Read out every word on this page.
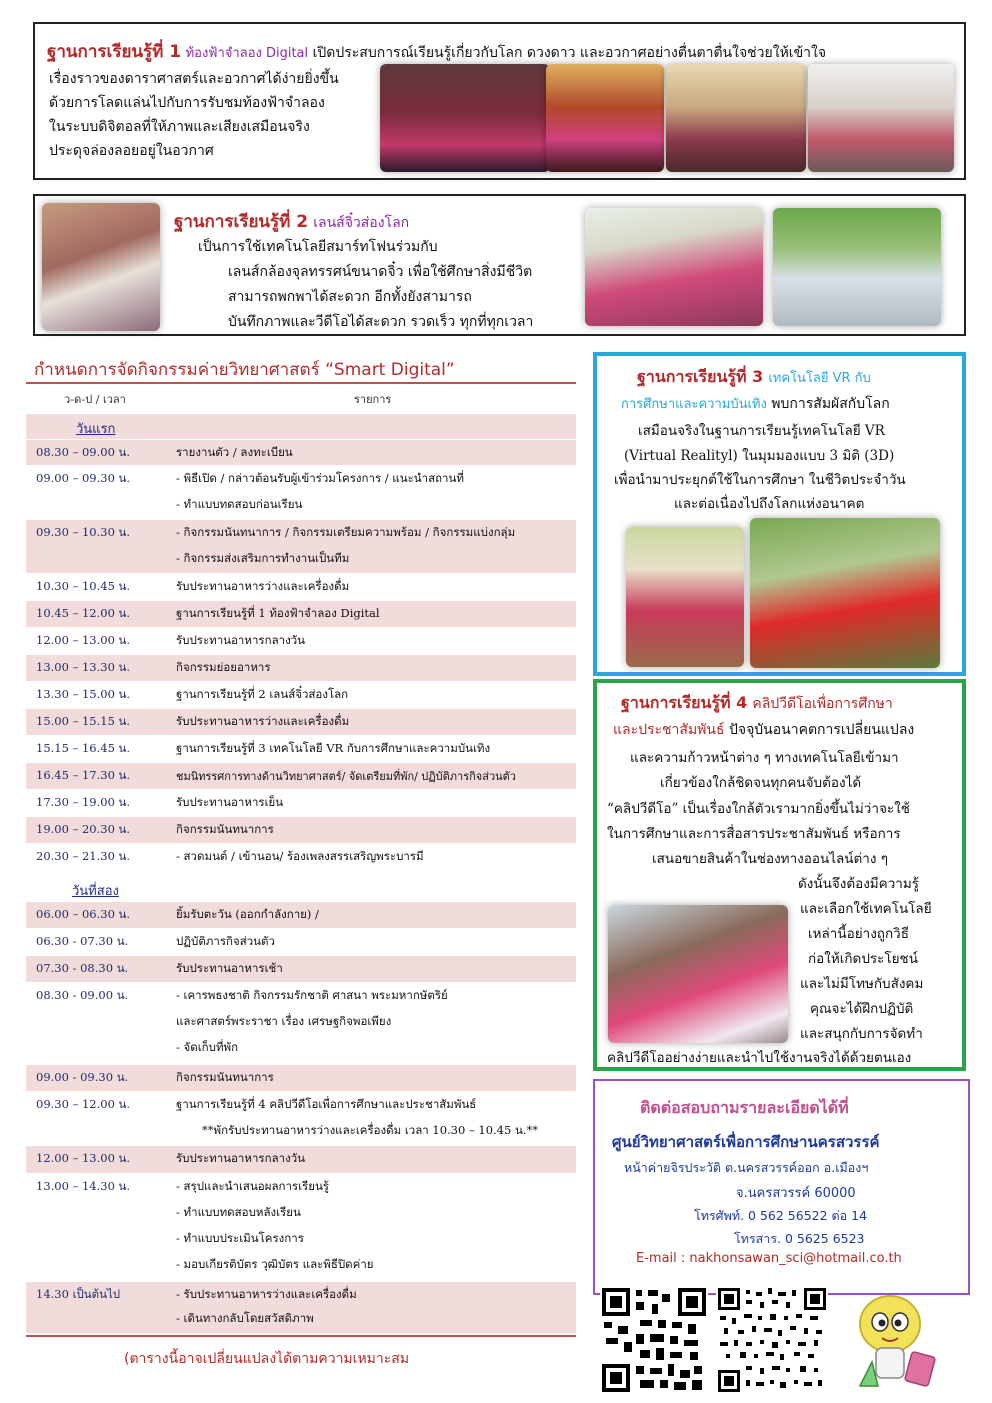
ฐานการเรียนรู้ที่ 1 ท้องฟ้าจำลอง Digital เปิดประสบการณ์เรียนรู้เกี่ยวกับโลก ดวงดาว และอวกาศอย่างตื่นตาตื่นใจช่วยให้เข้าใจ
เรื่องราวของดาราศาสตร์และอวกาศได้ง่ายยิ่งขึ้น
ด้วยการโลดแล่นไปกับการรับชมท้องฟ้าจำลอง
ในระบบดิจิตอลที่ให้ภาพและเสียงเสมือนจริง
ประดุจล่องลอยอยู่ในอวกาศ
ฐานการเรียนรู้ที่ 2 เลนส์จิ๋วส่องโลก
เป็นการใช้เทคโนโลยีสมาร์ทโฟนร่วมกับ
เลนส์กล้องจุลทรรศน์ขนาดจิ๋ว เพื่อใช้ศึกษาสิ่งมีชีวิต
สามารถพกพาได้สะดวก อีกทั้งยังสามารถ
บันทึกภาพและวีดีโอได้สะดวก รวดเร็ว ทุกที่ทุกเวลา
กำหนดการจัดกิจกรรมค่ายวิทยาศาสตร์ “Smart Digital”
ว-ด-ป / เวลา	รายการ
วันแรก
08.30 – 09.00 น.	รายงานตัว / ลงทะเบียน
09.00 – 09.30 น.	- พิธีเปิด / กล่าวต้อนรับผู้เข้าร่วมโครงการ / แนะนำสถานที่
- ทำแบบทดสอบก่อนเรียน
09.30 – 10.30 น.	- กิจกรรมนันทนาการ / กิจกรรมเตรียมความพร้อม / กิจกรรมแบ่งกลุ่ม
- กิจกรรมส่งเสริมการทำงานเป็นทีม
10.30 – 10.45 น.	รับประทานอาหารว่างและเครื่องดื่ม
10.45 – 12.00 น.	ฐานการเรียนรู้ที่ 1 ท้องฟ้าจำลอง Digital
12.00 – 13.00 น.	รับประทานอาหารกลางวัน
13.00 – 13.30 น.	กิจกรรมย่อยอาหาร
13.30 – 15.00 น.	ฐานการเรียนรู้ที่ 2 เลนส์จิ๋วส่องโลก
15.00 – 15.15 น.	รับประทานอาหารว่างและเครื่องดื่ม
15.15 – 16.45 น.	ฐานการเรียนรู้ที่ 3 เทคโนโลยี VR กับการศึกษาและความบันเทิง
16.45 – 17.30 น.	ชมนิทรรศการทางด้านวิทยาศาสตร์/ จัดเตรียมที่พัก/ ปฏิบัติภารกิจส่วนตัว
17.30 – 19.00 น.	รับประทานอาหารเย็น
19.00 – 20.30 น.	กิจกรรมนันทนาการ
20.30 – 21.30 น.	- สวดมนต์ / เข้านอน/ ร้องเพลงสรรเสริญพระบารมี
วันที่สอง
06.00 – 06.30 น.	ยิ้มรับตะวัน (ออกกำลังกาย) /
06.30 - 07.30 น.	ปฏิบัติภารกิจส่วนตัว
07.30 - 08.30 น.	รับประทานอาหารเช้า
08.30 - 09.00 น.	- เคารพธงชาติ กิจกรรมรักชาติ ศาสนา พระมหากษัตริย์
และศาสตร์พระราชา เรื่อง เศรษฐกิจพอเพียง
- จัดเก็บที่พัก
09.00 - 09.30 น.	กิจกรรมนันทนาการ
09.30 – 12.00 น.	ฐานการเรียนรู้ที่ 4 คลิปวีดีโอเพื่อการศึกษาและประชาสัมพันธ์
**พักรับประทานอาหารว่างและเครื่องดื่ม เวลา 10.30 – 10.45 น.**
12.00 – 13.00 น.	รับประทานอาหารกลางวัน
13.00 – 14.30 น.	- สรุปและนำเสนอผลการเรียนรู้
- ทำแบบทดสอบหลังเรียน
- ทำแบบประเมินโครงการ
- มอบเกียรติบัตร วุฒิบัตร และพิธีปิดค่าย
14.30 เป็นต้นไป	- รับประทานอาหารว่างและเครื่องดื่ม
- เดินทางกลับโดยสวัสดิภาพ
(ตารางนี้อาจเปลี่ยนแปลงได้ตามความเหมาะสม
ฐานการเรียนรู้ที่ 3 เทคโนโลยี VR กับ
การศึกษาและความบันเทิง พบการสัมผัสกับโลก
เสมือนจริงในฐานการเรียนรู้เทคโนโลยี VR
(Virtual Realityl) ในมุมมองแบบ 3 มิติ (3D)
เพื่อนำมาประยุกต์ใช้ในการศึกษา ในชีวิตประจำวัน
และต่อเนื่องไปถึงโลกแห่งอนาคต
ฐานการเรียนรู้ที่ 4 คลิปวีดีโอเพื่อการศึกษา
และประชาสัมพันธ์ ปัจจุบันอนาคตการเปลี่ยนแปลง
และความก้าวหน้าต่าง ๆ ทางเทคโนโลยีเข้ามา
เกี่ยวข้องใกล้ชิดจนทุกคนจับต้องได้
“คลิปวีดีโอ” เป็นเรื่องใกล้ตัวเรามากยิ่งขึ้นไม่ว่าจะใช้
ในการศึกษาและการสื่อสารประชาสัมพันธ์ หรือการ
เสนอขายสินค้าในช่องทางออนไลน์ต่าง ๆ
ดังนั้นจึงต้องมีความรู้
และเลือกใช้เทคโนโลยี
เหล่านี้อย่างถูกวิธี
ก่อให้เกิดประโยชน์
และไม่มีโทษกับสังคม
คุณจะได้ฝึกปฏิบัติ
และสนุกกับการจัดทำ
คลิปวีดีโออย่างง่ายและนำไปใช้งานจริงได้ด้วยตนเอง
ติดต่อสอบถามรายละเอียดได้ที่
ศูนย์วิทยาศาสตร์เพื่อการศึกษานครสวรรค์
หน้าค่ายจิรประวัติ ต.นครสวรรค์ออก อ.เมืองฯ
จ.นครสวรรค์ 60000
โทรศัพท์. 0 562 56522 ต่อ 14
โทรสาร. 0 5625 6523
E-mail : nakhonsawan_sci@hotmail.co.th
